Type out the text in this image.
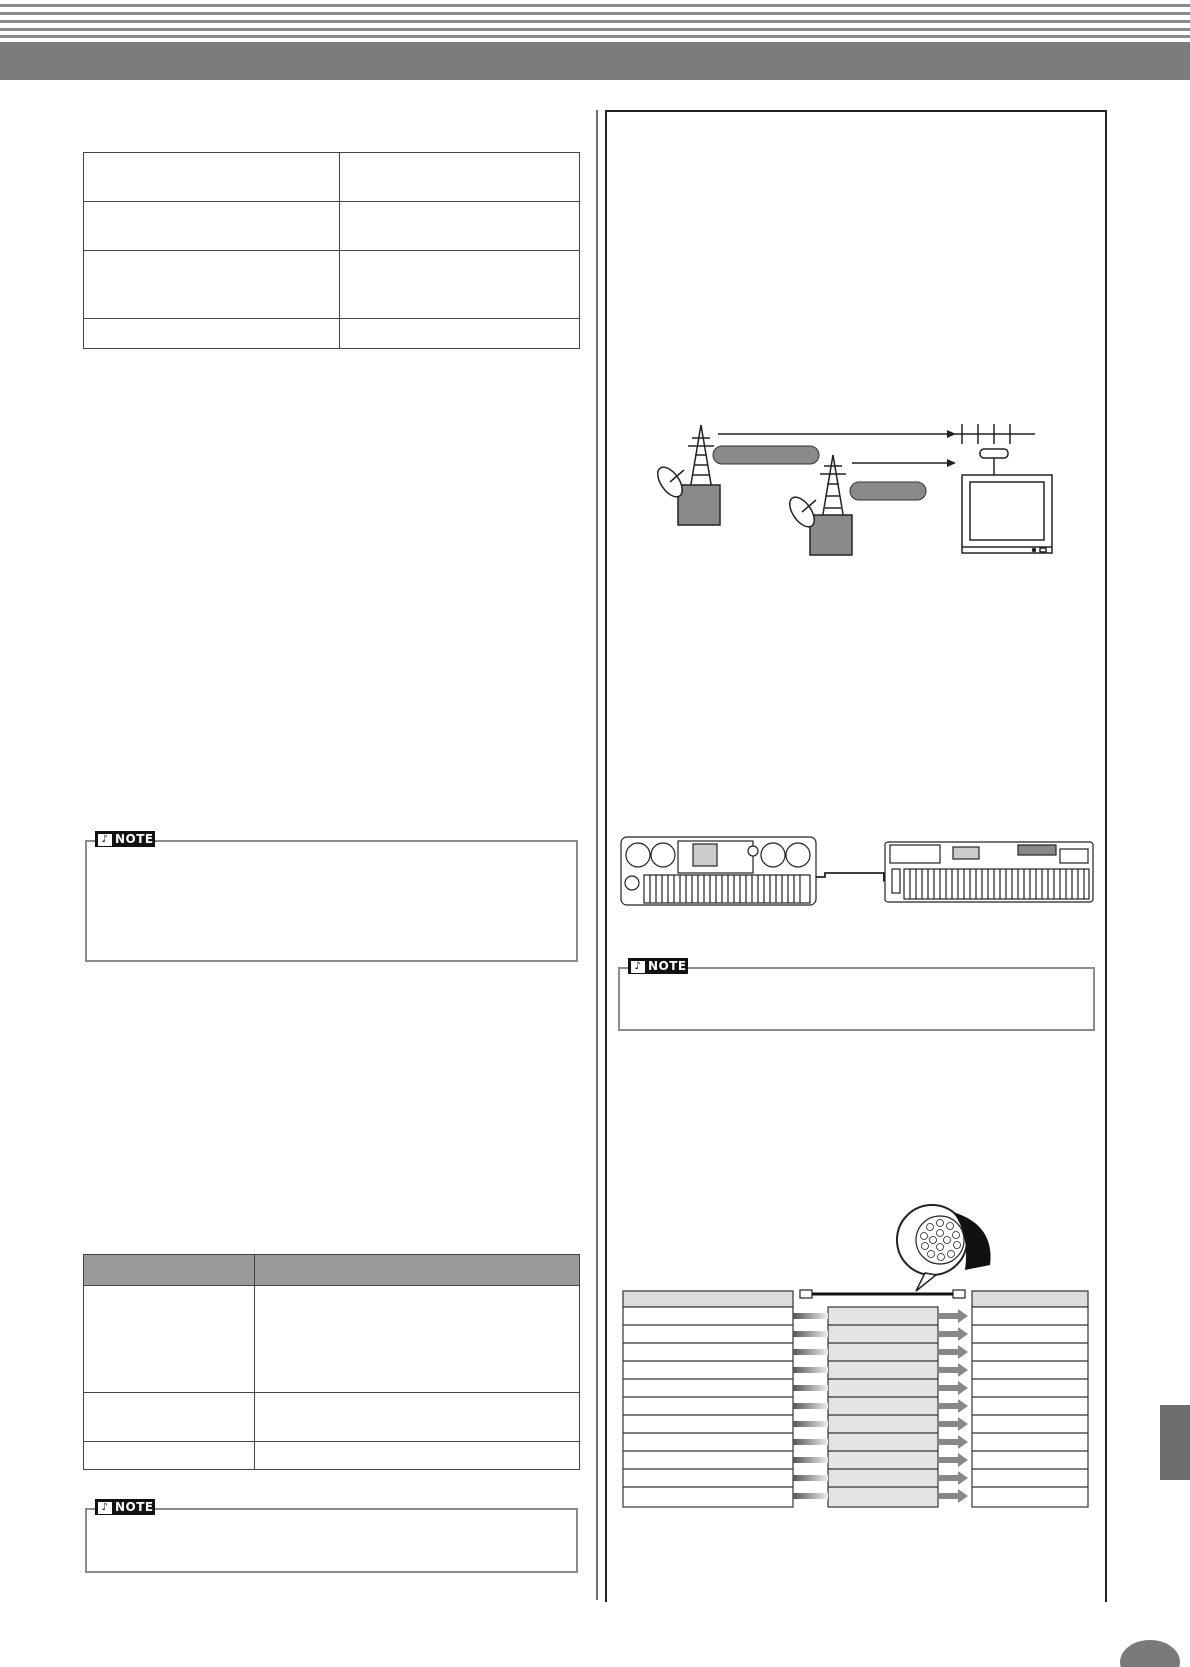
♪ NOTE

♪ NOTE
♪ NOTE
